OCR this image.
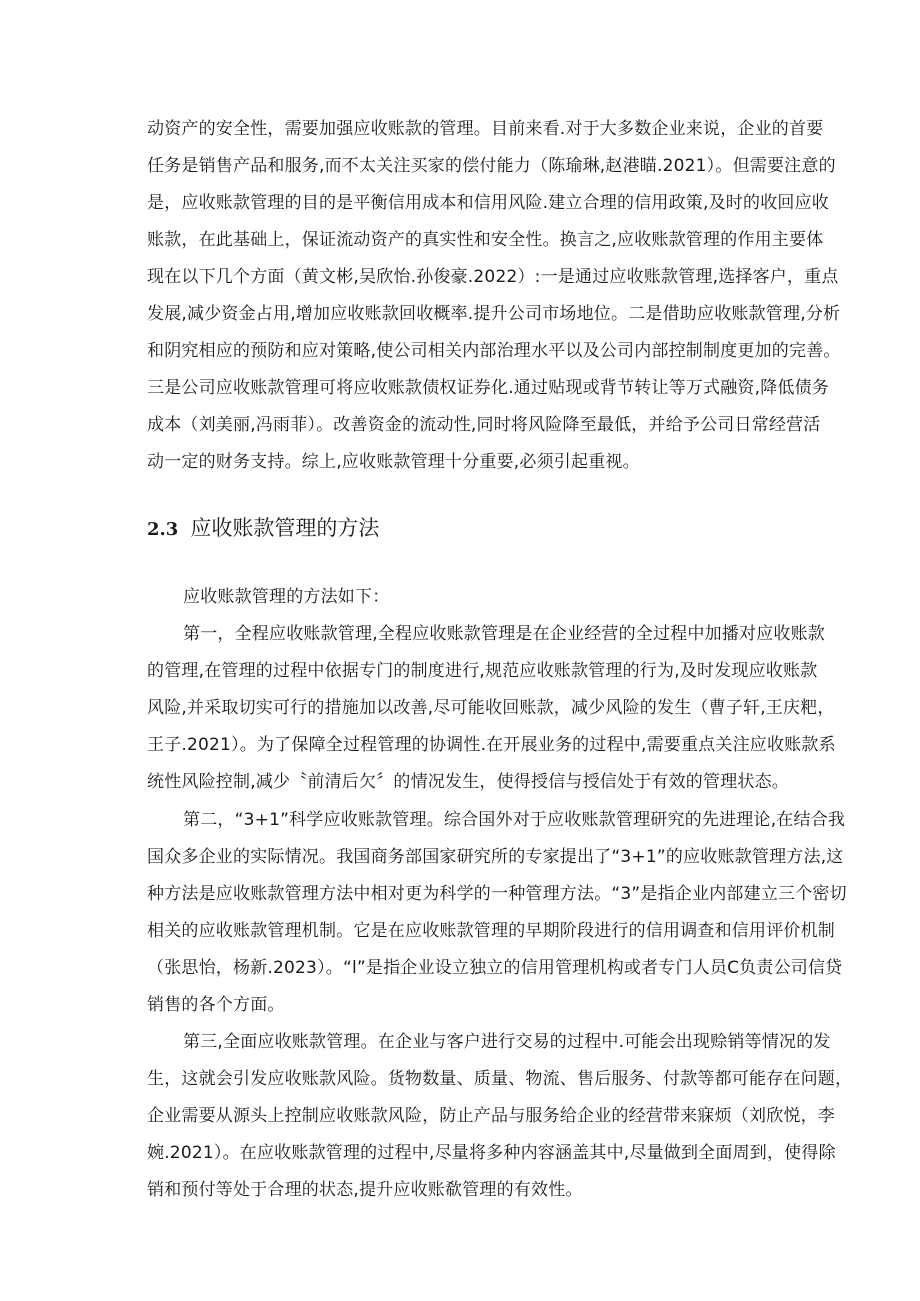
动资产的安全性，需要加强应收账款的管理。目前来看.对于大多数企业来说，企业的首要
任务是销售产品和服务,而不太关注买家的偿付能力（陈瑜琳,赵港瞄.2021）。但需要注意的
是，应收账款管理的目的是平衡信用成本和信用风险.建立合理的信用政策,及时的收回应收
账款，在此基础上，保证流动资产的真实性和安全性。换言之,应收账款管理的作用主要体
现在以下几个方面（黄文彬,吴欣怡.孙俊豪.2022）:一是通过应收账款管理,选择客户，重点
发展,减少资金占用,增加应收账款回收概率.提升公司市场地位。二是借助应收账款管理,分析
和阴究相应的预防和应对策略,使公司相关内部治理水平以及公司内部控制制度更加的完善。
三是公司应收账款管理可将应收账款债权证券化.通过贴现或背节转让等万式融资,降低债务
成本（刘美丽,冯雨菲）。改善资金的流动性,同时将风险降至最低，并给予公司日常经营活
动一定的财务支持。综上,应收账款管理十分重要,必须引起重视。
2.3 应收账款管理的方法
应收账款管理的方法如下：
第一，全程应收账款管理,全程应收账款管理是在企业经营的全过程中加播对应收账款
的管理,在管理的过程中依据专门的制度进行,规范应收账款管理的行为,及时发现应收账款
风险,并采取切实可行的措施加以改善,尽可能收回账款，减少风险的发生（曹子轩,王庆粑，
王子.2021）。为了保障全过程管理的协调性.在开展业务的过程中,需要重点关注应收账款系
统性风险控制,减少〝前清后欠〞的情况发生，使得授信与授信处于有效的管理状态。
第二，“3+1”科学应收账款管理。综合国外对于应收账款管理研究的先进理论,在结合我
国众多企业的实际情况。我国商务部国家研究所的专家提出了“3+1”的应收账款管理方法,这
种方法是应收账款管理方法中相对更为科学的一种管理方法。“3”是指企业内部建立三个密切
相关的应收账款管理机制。它是在应收账款管理的早期阶段进行的信用调查和信用评价机制
（张思怡，杨新.2023）。“l”是指企业设立独立的信用管理机构或者专门人员C负责公司信贷
销售的各个方面。
第三,全面应收账款管理。在企业与客户进行交易的过程中.可能会出现赊销等情况的发
生，这就会引发应收账款风险。货物数量、质量、物流、售后服务、付款等都可能存在问题，
企业需要从源头上控制应收账款风险，防止产品与服务给企业的经营带来寐烦（刘欣悦，李
婉.2021）。在应收账款管理的过程中,尽量将多种内容涵盖其中,尽量做到全面周到，使得除
销和预付等处于合理的状态,提升应收账欷管理的有效性。
